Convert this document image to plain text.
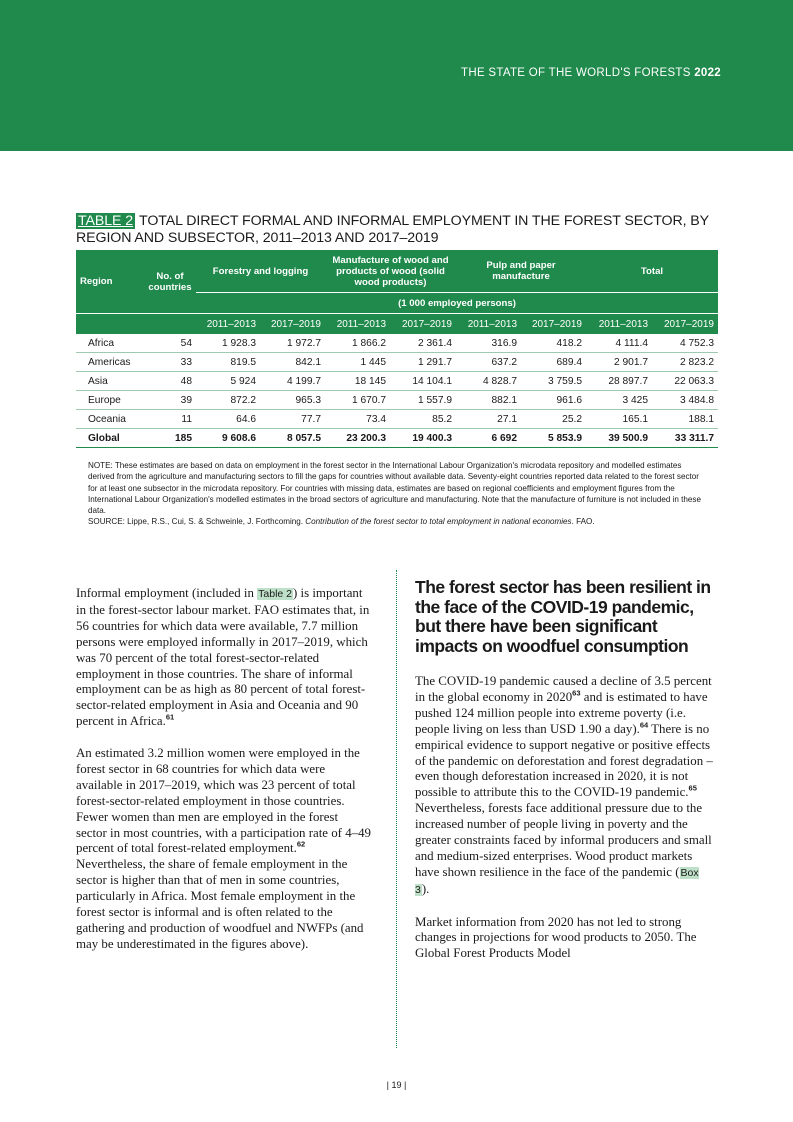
THE STATE OF THE WORLD'S FORESTS 2022
TABLE 2 TOTAL DIRECT FORMAL AND INFORMAL EMPLOYMENT IN THE FOREST SECTOR, BY REGION AND SUBSECTOR, 2011–2013 AND 2017–2019
Region	No. of countries	Forestry and logging		Manufacture of wood and products of wood (solid wood products)		Pulp and paper manufacture		Total	
		(1 000 employed persons)							
		2011–2013	2017–2019	2011–2013	2017–2019	2011–2013	2017–2019	2011–2013	2017–2019
Africa	54	1 928.3	1 972.7	1 866.2	2 361.4	316.9	418.2	4 111.4	4 752.3
Americas	33	819.5	842.1	1 445	1 291.7	637.2	689.4	2 901.7	2 823.2
Asia	48	5 924	4 199.7	18 145	14 104.1	4 828.7	3 759.5	28 897.7	22 063.3
Europe	39	872.2	965.3	1 670.7	1 557.9	882.1	961.6	3 425	3 484.8
Oceania	11	64.6	77.7	73.4	85.2	27.1	25.2	165.1	188.1
Global	185	9 608.6	8 057.5	23 200.3	19 400.3	6 692	5 853.9	39 500.9	33 311.7

NOTE: These estimates are based on data on employment in the forest sector in the International Labour Organization's microdata repository and modelled estimates derived from the agriculture and manufacturing sectors to fill the gaps for countries without available data. Seventy-eight countries reported data related to the forest sector for at least one subsector in the microdata repository. For countries with missing data, estimates are based on regional coefficients and employment figures from the International Labour Organization's modelled estimates in the broad sectors of agriculture and manufacturing. Note that the manufacture of furniture is not included in these data.

SOURCE: Lippe, R.S., Cui, S. & Schweinle, J. Forthcoming. Contribution of the forest sector to total employment in national economies. FAO.

Informal employment (included in Table 2) is important in the forest-sector labour market. FAO estimates that, in 56 countries for which data were available, 7.7 million persons were employed informally in 2017–2019, which was 70 percent of the total forest-sector-related employment in those countries. The share of informal employment can be as high as 80 percent of total forest-sector-related employment in Asia and Oceania and 90 percent in Africa.$^{61}$

An estimated 3.2 million women were employed in the forest sector in 68 countries for which data were available in 2017–2019, which was 23 percent of total forest-sector-related employment in those countries. Fewer women than men are employed in the forest sector in most countries, with a participation rate of 4–49 percent of total forest-related employment.$^{62}$ Nevertheless, the share of female employment in the sector is higher than that of men in some countries, particularly in Africa. Most female employment in the forest sector is informal and is often related to the gathering and production of woodfuel and NWFPs (and may be underestimated in the figures above).

The forest sector has been resilient in the face of the COVID-19 pandemic, but there have been significant impacts on woodfuel consumption

The COVID-19 pandemic caused a decline of 3.5 percent in the global economy in 2020$^{63}$ and is estimated to have pushed 124 million people into extreme poverty (i.e. people living on less than USD 1.90 a day).$^{64}$ There is no empirical evidence to support negative or positive effects of the pandemic on deforestation and forest degradation – even though deforestation increased in 2020, it is not possible to attribute this to the COVID-19 pandemic.$^{65}$ Nevertheless, forests face additional pressure due to the increased number of people living in poverty and the greater constraints faced by informal producers and small and medium-sized enterprises. Wood product markets have shown resilience in the face of the pandemic (Box 3).

Market information from 2020 has not led to strong changes in projections for wood products to 2050. The Global Forest Products Model

| 19 |
